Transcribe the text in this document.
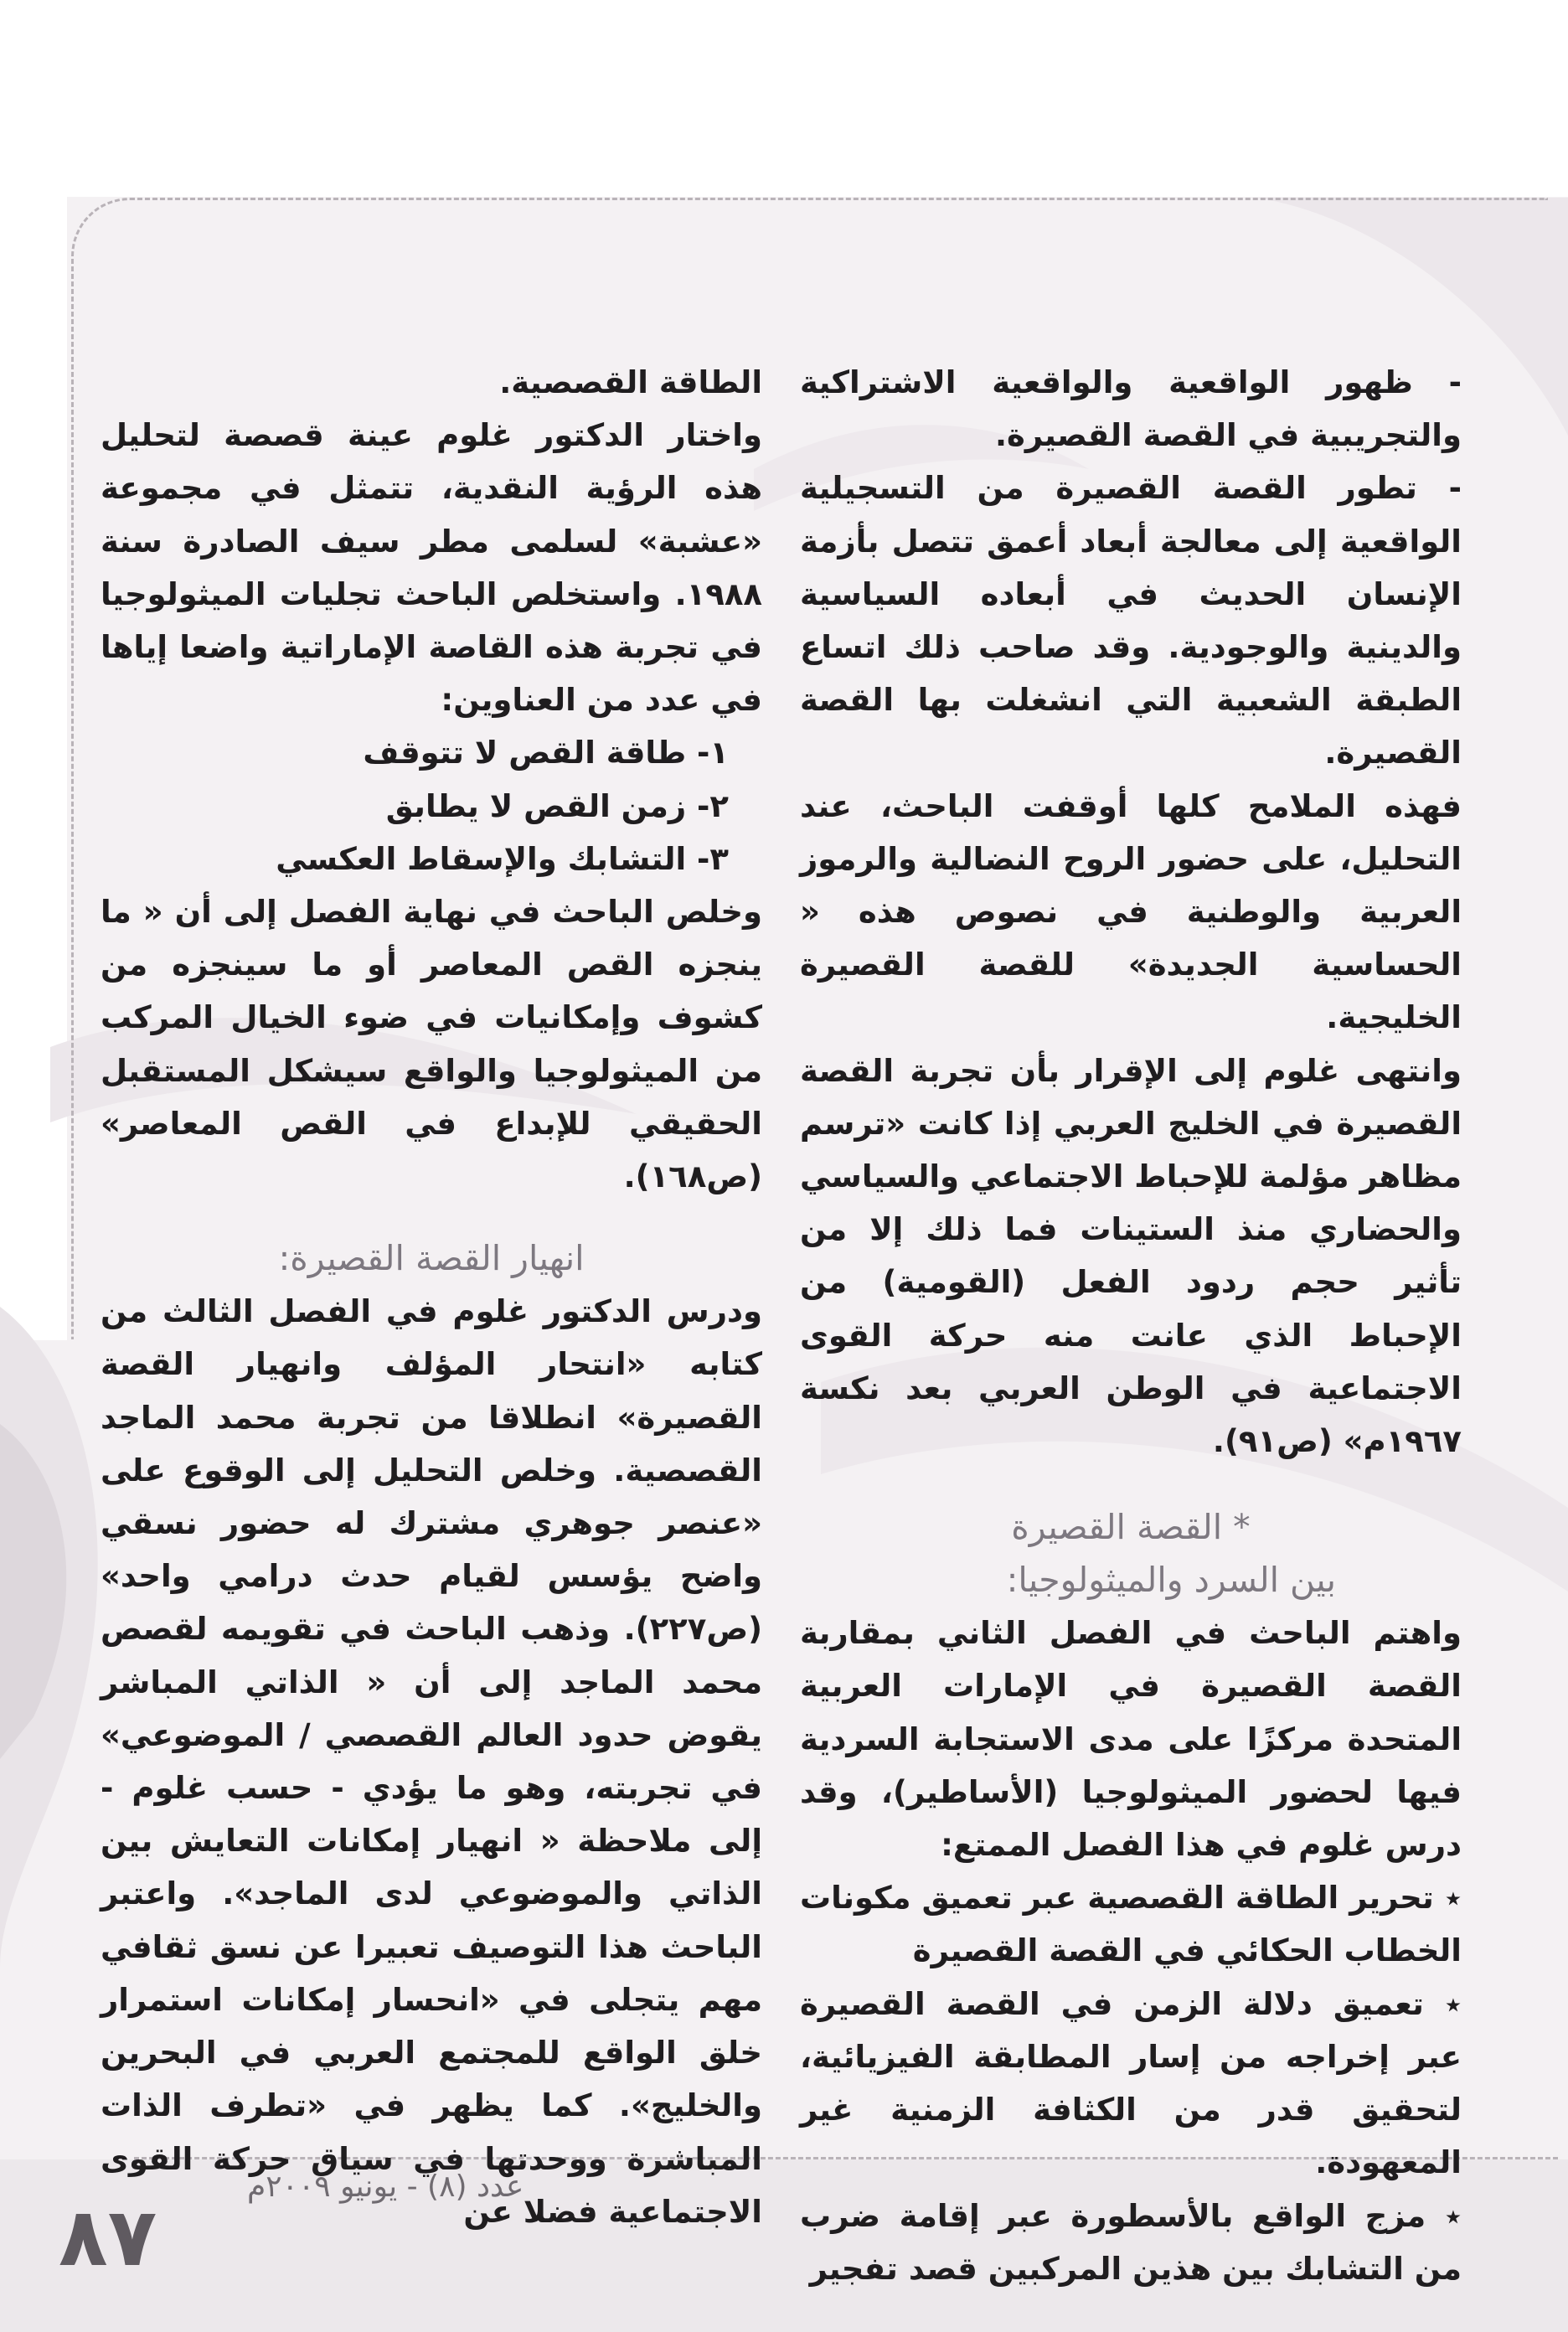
- ظهور الواقعية والواقعية الاشتراكية والتجريبية في القصة القصيرة.

- تطور القصة القصيرة من التسجيلية الواقعية إلى معالجة أبعاد أعمق تتصل بأزمة الإنسان الحديث في أبعاده السياسية والدينية والوجودية. وقد صاحب ذلك اتساع الطبقة الشعبية التي انشغلت بها القصة القصيرة.

فهذه الملامح كلها أوقفت الباحث، عند التحليل، على حضور الروح النضالية والرموز العربية والوطنية في نصوص هذه « الحساسية الجديدة» للقصة القصيرة الخليجية.

وانتهى غلوم إلى الإقرار بأن تجربة القصة القصيرة في الخليج العربي إذا كانت «ترسم مظاهر مؤلمة للإحباط الاجتماعي والسياسي والحضاري منذ الستينات فما ذلك إلا من تأثير حجم ردود الفعل (القومية) من الإحباط الذي عانت منه حركة القوى الاجتماعية في الوطن العربي بعد نكسة ١٩٦٧م» (ص٩١).

* القصة القصيرة

بين السرد والميثولوجيا:

واهتم الباحث في الفصل الثاني بمقاربة القصة القصيرة في الإمارات العربية المتحدة مركزًا على مدى الاستجابة السردية فيها لحضور الميثولوجيا (الأساطير)، وقد درس غلوم في هذا الفصل الممتع:

٭ تحرير الطاقة القصصية عبر تعميق مكونات الخطاب الحكائي في القصة القصيرة

٭ تعميق دلالة الزمن في القصة القصيرة عبر إخراجه من إسار المطابقة الفيزيائية، لتحقيق قدر من الكثافة الزمنية غير المعهودة.

٭ مزج الواقع بالأسطورة عبر إقامة ضرب من التشابك بين هذين المركبين قصد تفجير

الطاقة القصصية.

واختار الدكتور غلوم عينة قصصة لتحليل هذه الرؤية النقدية، تتمثل في مجموعة «عشبة» لسلمى مطر سيف الصادرة سنة ١٩٨٨. واستخلص الباحث تجليات الميثولوجيا في تجربة هذه القاصة الإماراتية واضعا إياها في عدد من العناوين:

١- طاقة القص لا تتوقف

٢- زمن القص لا يطابق

٣- التشابك والإسقاط العكسي

وخلص الباحث في نهاية الفصل إلى أن « ما ينجزه القص المعاصر أو ما سينجزه من كشوف وإمكانيات في ضوء الخيال المركب من الميثولوجيا والواقع سيشكل المستقبل الحقيقي للإبداع في القص المعاصر» (ص١٦٨).

انهيار القصة القصيرة:

ودرس الدكتور غلوم في الفصل الثالث من كتابه «انتحار المؤلف وانهيار القصة القصيرة» انطلاقا من تجربة محمد الماجد القصصية. وخلص التحليل إلى الوقوع على «عنصر جوهري مشترك له حضور نسقي واضح يؤسس لقيام حدث درامي واحد» (ص٢٢٧). وذهب الباحث في تقويمه لقصص محمد الماجد إلى أن « الذاتي المباشر يقوض حدود العالم القصصي / الموضوعي» في تجربته، وهو ما يؤدي - حسب غلوم - إلى ملاحظة « انهيار إمكانات التعايش بين الذاتي والموضوعي لدى الماجد». واعتبر الباحث هذا التوصيف تعبيرا عن نسق ثقافي مهم يتجلى في «انحسار إمكانات استمرار خلق الواقع للمجتمع العربي في البحرين والخليج». كما يظهر في «تطرف الذات المباشرة ووحدتها في سياق حركة القوى الاجتماعية فضلا عن

عدد (٨) - يونيو ٢٠٠٩م
٨٧
